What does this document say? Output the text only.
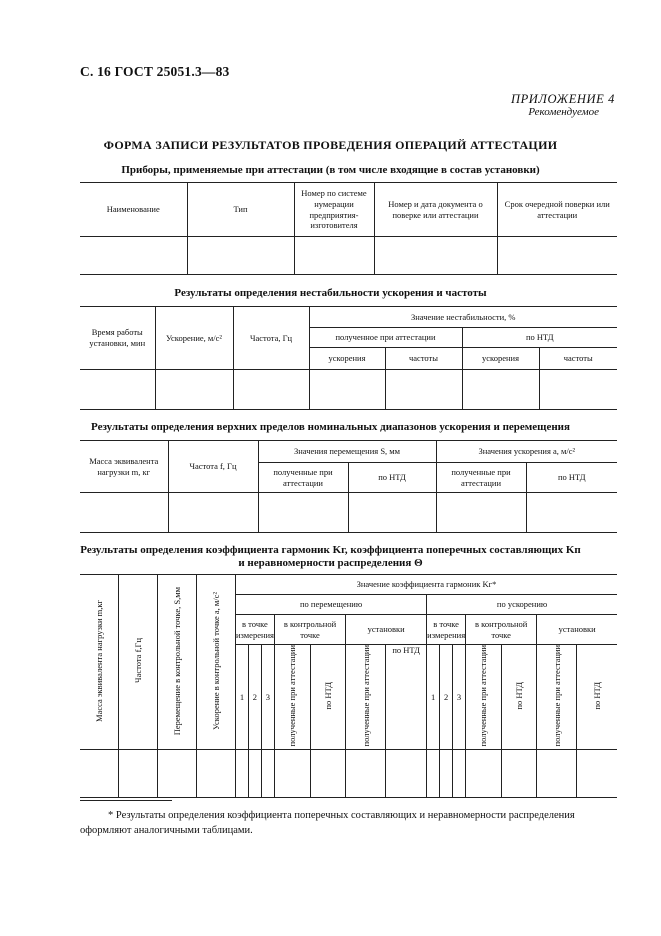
С. 16 ГОСТ 25051.3—83
ПРИЛОЖЕНИЕ 4
Рекомендуемое
ФОРМА ЗАПИСИ РЕЗУЛЬТАТОВ ПРОВЕДЕНИЯ ОПЕРАЦИЙ АТТЕСТАЦИИ
Приборы, применяемые при аттестации (в том числе входящие в состав установки)
Наименование	Тип	Номер по системе нумерации предприятия-изготовителя	Номер и дата документа о поверке или аттестации	Срок очередной поверки или аттестации

Результаты определения нестабильности ускорения и частоты
Время работы установки, мин	Ускорение, м/с²	Частота, Гц	Значение нестабильности, %			
			полученное при аттестации		по НТД	
			ускорения	частоты	ускорения	частоты

Результаты определения верхних пределов номинальных диапазонов ускорения и перемещения
Масса эквивалента нагрузки m, кг	Частота f, Гц	Значения перемещения S, мм		Значения ускорения a, м/с²	
		полученные при аттестации	по НТД	полученные при аттестации	по НТД

Результаты определения коэффициента гармоник Kг, коэффициента поперечных составляющих Kп
и неравномерности распределения Θ
Масса эквивалента нагрузки m,кг	Частота f,Гц	Перемещение в контрольной точке, S,мм	Ускорение в контрольной точке a, м/с²	Значение коэффициента гармоник Kг*													
				по перемещению							по ускорению						
				в точке измерения			в контрольной точке		установки		в точке измерения			в контрольной точке		установки	
				1	2	3	полученные при аттестации	по НТД	полученные при аттестации	по НТД	1	2	3	полученные при аттестации	по НТД	полученные при аттестации	по НТД

* Результаты определения коэффициента поперечных составляющих и неравномерности распределения оформляют аналогичными таблицами.
